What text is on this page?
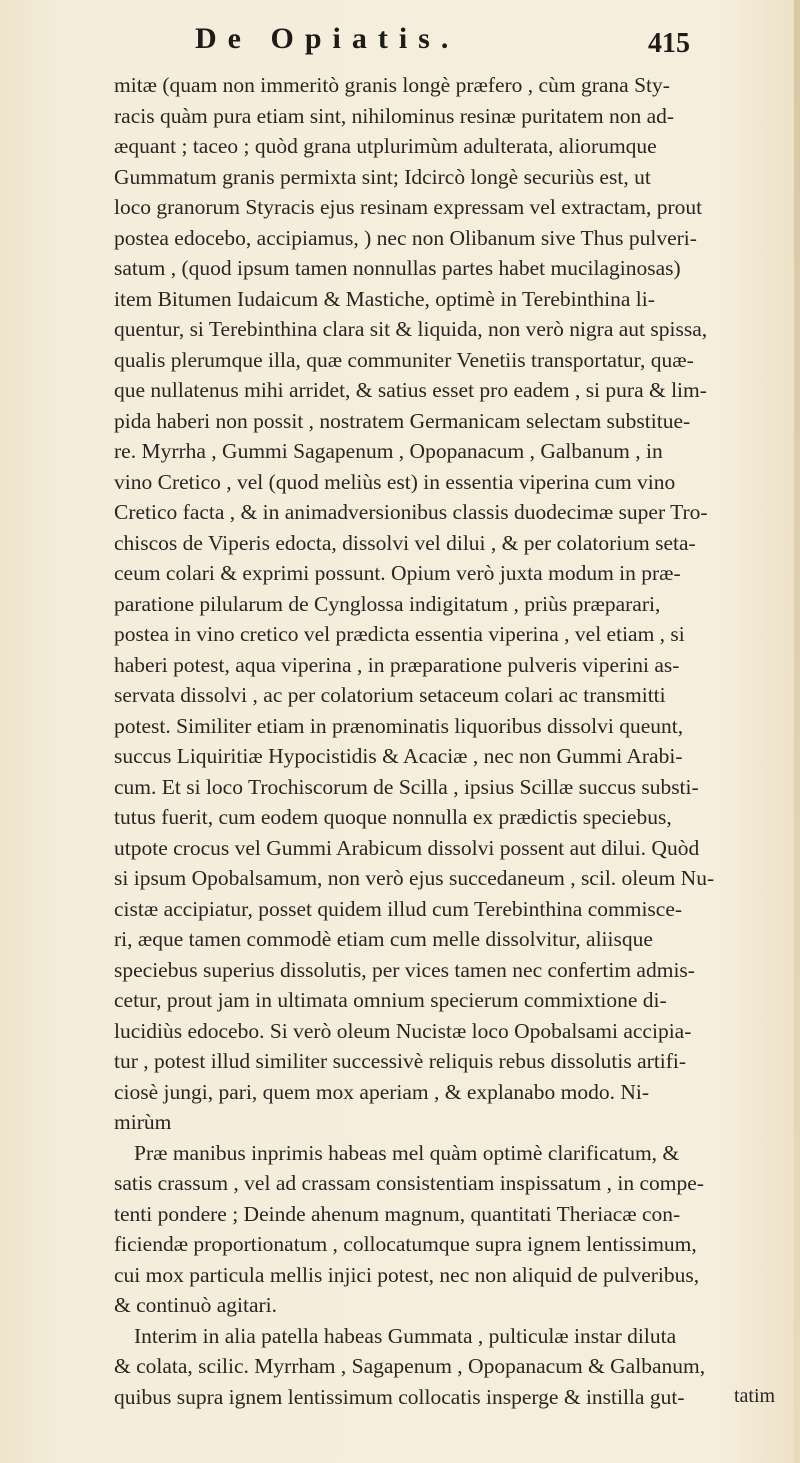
De Opiatis.	415
mitæ (quam non immeritò granis longè præfero , cùm grana Sty-
racis quàm pura etiam sint, nihilominus resinæ puritatem non ad-
æquant ; taceo ; quòd grana utplurimùm adulterata, aliorumque
Gummatum granis permixta sint; Idcircò longè securiùs est, ut
loco granorum Styracis ejus resinam expressam vel extractam, prout
postea edocebo, accipiamus, ) nec non Olibanum sive Thus pulveri-
satum , (quod ipsum tamen nonnullas partes habet mucilaginosas)
item Bitumen Iudaicum & Mastiche, optimè in Terebinthina li-
quentur, si Terebinthina clara sit & liquida, non verò nigra aut spissa,
qualis plerumque illa, quæ communiter Venetiis transportatur, quæ-
que nullatenus mihi arridet, & satius esset pro eadem , si pura & lim-
pida haberi non possit , nostratem Germanicam selectam substitue-
re. Myrrha , Gummi Sagapenum , Opopanacum , Galbanum , in
vino Cretico , vel (quod meliùs est) in essentia viperina cum vino
Cretico facta , & in animadversionibus classis duodecimæ super Tro-
chiscos de Viperis edocta, dissolvi vel dilui , & per colatorium seta-
ceum colari & exprimi possunt. Opium verò juxta modum in præ-
paratione pilularum de Cynglossa indigitatum , priùs præparari,
postea in vino cretico vel prædicta essentia viperina , vel etiam , si
haberi potest, aqua viperina , in præparatione pulveris viperini as-
servata dissolvi , ac per colatorium setaceum colari ac transmitti
potest. Similiter etiam in prænominatis liquoribus dissolvi queunt,
succus Liquiritiæ Hypocistidis & Acaciæ , nec non Gummi Arabi-
cum. Et si loco Trochiscorum de Scilla , ipsius Scillæ succus substi-
tutus fuerit, cum eodem quoque nonnulla ex prædictis speciebus,
utpote crocus vel Gummi Arabicum dissolvi possent aut dilui. Quòd
si ipsum Opobalsamum, non verò ejus succedaneum , scil. oleum Nu-
cistæ accipiatur, posset quidem illud cum Terebinthina commisce-
ri, æque tamen commodè etiam cum melle dissolvitur, aliisque
speciebus superius dissolutis, per vices tamen nec confertim admis-
cetur, prout jam in ultimata omnium specierum commixtione di-
lucidiùs edocebo. Si verò oleum Nucistæ loco Opobalsami accipia-
tur , potest illud similiter successivè reliquis rebus dissolutis artifi-
ciosè jungi, pari, quem mox aperiam , & explanabo modo. Ni-
mirùm
Præ manibus inprimis habeas mel quàm optimè clarificatum, &
satis crassum , vel ad crassam consistentiam inspissatum , in compe-
tenti pondere ; Deinde ahenum magnum, quantitati Theriacæ con-
ficiendæ proportionatum , collocatumque supra ignem lentissimum,
cui mox particula mellis injici potest, nec non aliquid de pulveribus,
& continuò agitari.
Interim in alia patella habeas Gummata , pulticulæ instar diluta
& colata, scilic. Myrrham , Sagapenum , Opopanacum & Galbanum,
quibus supra ignem lentissimum collocatis insperge & instilla gut-	tatim
